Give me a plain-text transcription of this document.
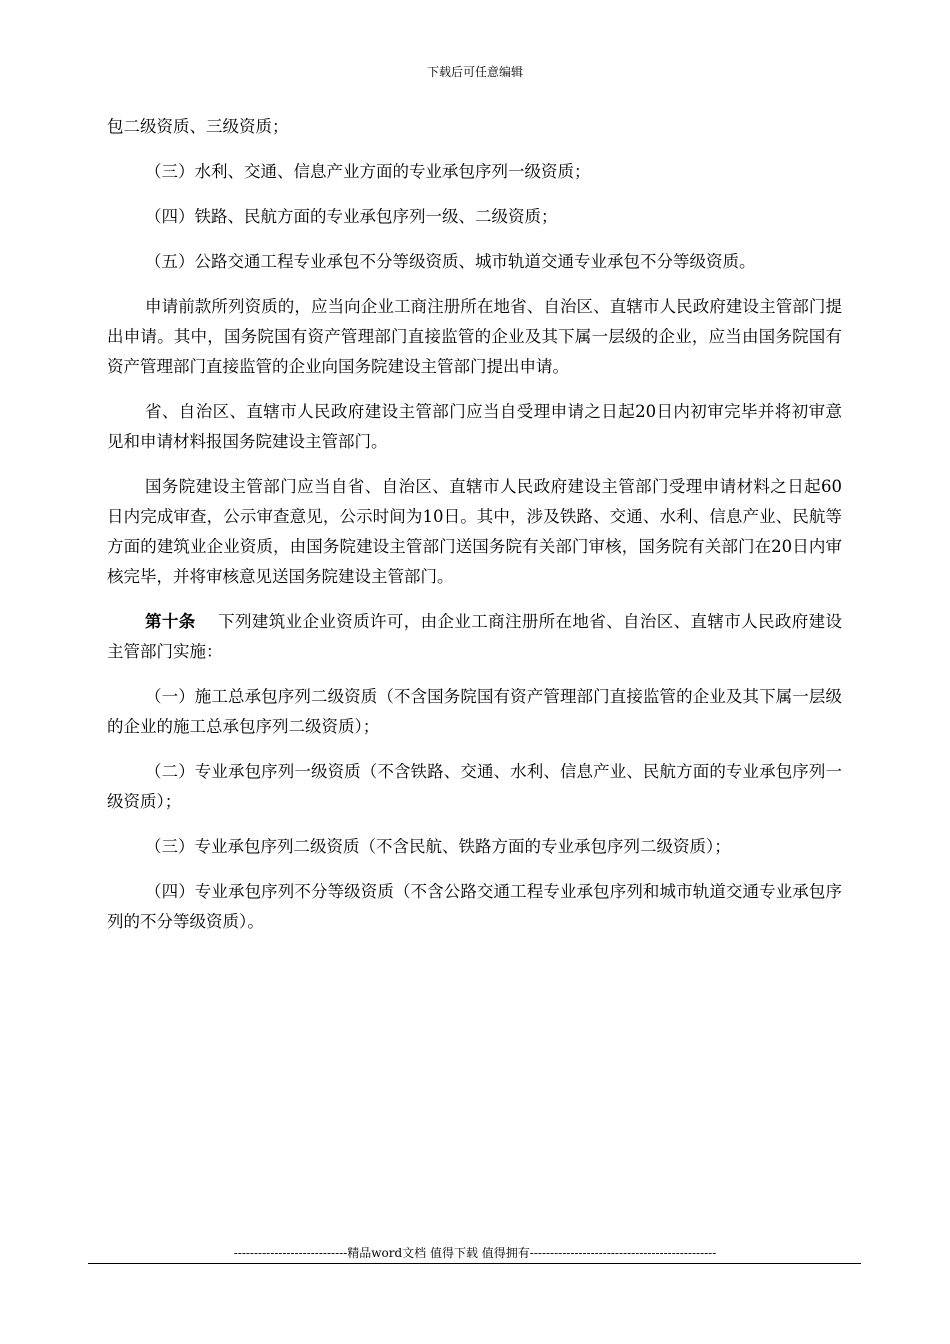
下载后可任意编辑

包二级资质、三级资质；

（三）水利、交通、信息产业方面的专业承包序列一级资质；

（四）铁路、民航方面的专业承包序列一级、二级资质；

（五）公路交通工程专业承包不分等级资质、城市轨道交通专业承包不分等级资质。

申请前款所列资质的，应当向企业工商注册所在地省、自治区、直辖市人民政府建设主管部门提出申请。其中，国务院国有资产管理部门直接监管的企业及其下属一层级的企业，应当由国务院国有资产管理部门直接监管的企业向国务院建设主管部门提出申请。

省、自治区、直辖市人民政府建设主管部门应当自受理申请之日起20日内初审完毕并将初审意见和申请材料报国务院建设主管部门。

国务院建设主管部门应当自省、自治区、直辖市人民政府建设主管部门受理申请材料之日起60日内完成审查，公示审查意见，公示时间为10日。其中，涉及铁路、交通、水利、信息产业、民航等方面的建筑业企业资质，由国务院建设主管部门送国务院有关部门审核，国务院有关部门在20日内审核完毕，并将审核意见送国务院建设主管部门。

第十条 下列建筑业企业资质许可，由企业工商注册所在地省、自治区、直辖市人民政府建设主管部门实施：

（一）施工总承包序列二级资质（不含国务院国有资产管理部门直接监管的企业及其下属一层级的企业的施工总承包序列二级资质）；

（二）专业承包序列一级资质（不含铁路、交通、水利、信息产业、民航方面的专业承包序列一级资质）；

（三）专业承包序列二级资质（不含民航、铁路方面的专业承包序列二级资质）；

（四）专业承包序列不分等级资质（不含公路交通工程专业承包序列和城市轨道交通专业承包序列的不分等级资质）。

----------------------------精品word文档 值得下载 值得拥有----------------------------------------------
